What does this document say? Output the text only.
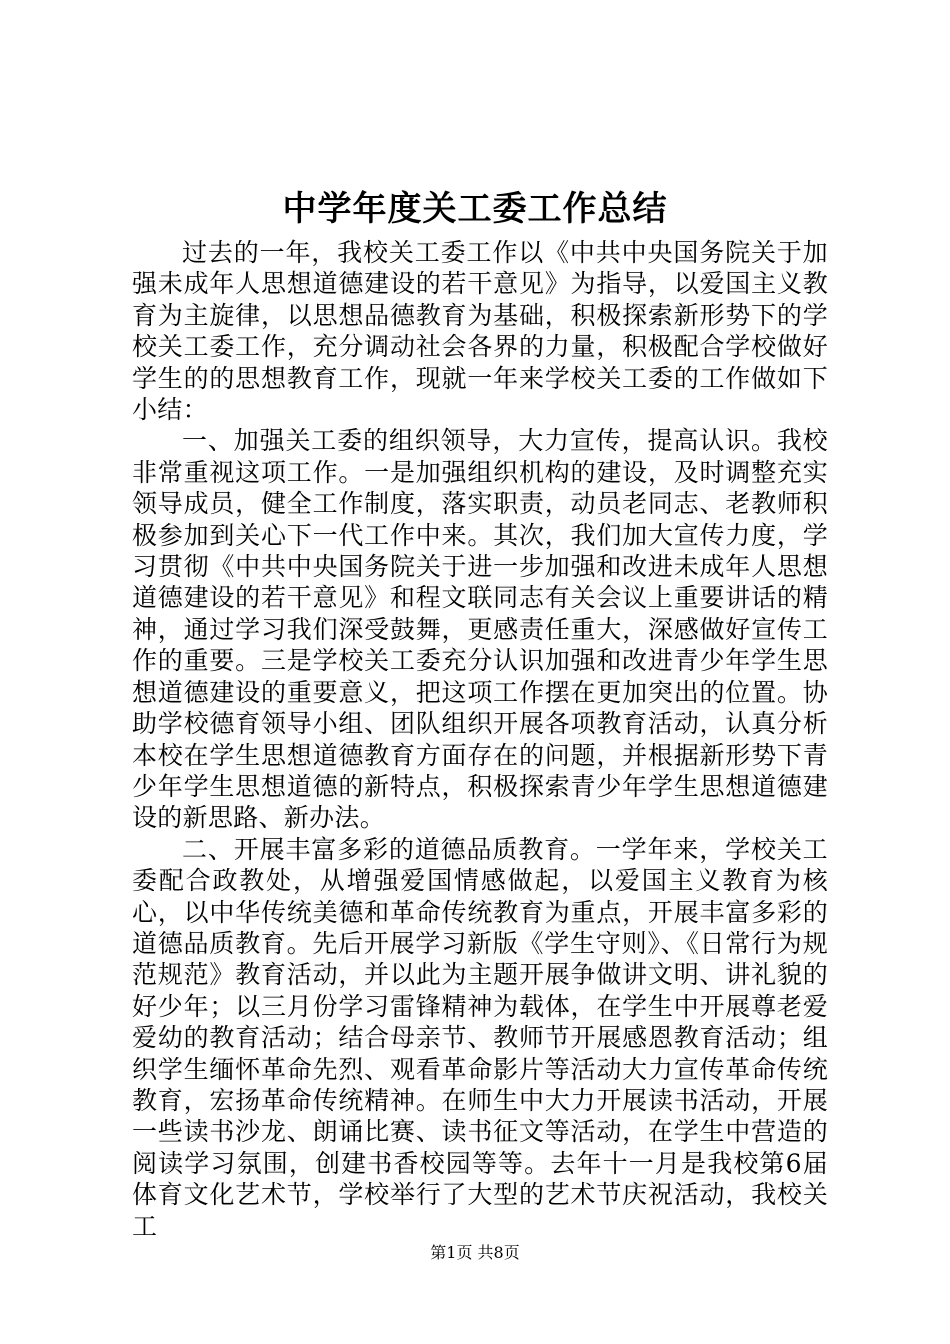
中学年度关工委工作总结

过去的一年，我校关工委工作以《中共中央国务院关于加强未成年人思想道德建设的若干意见》为指导，以爱国主义教育为主旋律，以思想品德教育为基础，积极探索新形势下的学校关工委工作，充分调动社会各界的力量，积极配合学校做好学生的的思想教育工作，现就一年来学校关工委的工作做如下小结：

一、加强关工委的组织领导，大力宣传，提高认识。我校非常重视这项工作。一是加强组织机构的建设，及时调整充实领导成员，健全工作制度，落实职责，动员老同志、老教师积极参加到关心下一代工作中来。其次，我们加大宣传力度，学习贯彻《中共中央国务院关于进一步加强和改进未成年人思想道德建设的若干意见》和程文联同志有关会议上重要讲话的精神，通过学习我们深受鼓舞，更感责任重大，深感做好宣传工作的重要。三是学校关工委充分认识加强和改进青少年学生思想道德建设的重要意义，把这项工作摆在更加突出的位置。协助学校德育领导小组、团队组织开展各项教育活动，认真分析本校在学生思想道德教育方面存在的问题，并根据新形势下青少年学生思想道德的新特点，积极探索青少年学生思想道德建设的新思路、新办法。

二、开展丰富多彩的道德品质教育。一学年来，学校关工委配合政教处，从增强爱国情感做起，以爱国主义教育为核心，以中华传统美德和革命传统教育为重点，开展丰富多彩的道德品质教育。先后开展学习新版《学生守则》、《日常行为规范规范》教育活动，并以此为主题开展争做讲文明、讲礼貌的好少年；以三月份学习雷锋精神为载体，在学生中开展尊老爱爱幼的教育活动；结合母亲节、教师节开展感恩教育活动；组织学生缅怀革命先烈、观看革命影片等活动大力宣传革命传统教育，宏扬革命传统精神。在师生中大力开展读书活动，开展一些读书沙龙、朗诵比赛、读书征文等活动，在学生中营造的阅读学习氛围，创建书香校园等等。去年十一月是我校第6届体育文化艺术节，学校举行了大型的艺术节庆祝活动，我校关工

第1页 共8页
